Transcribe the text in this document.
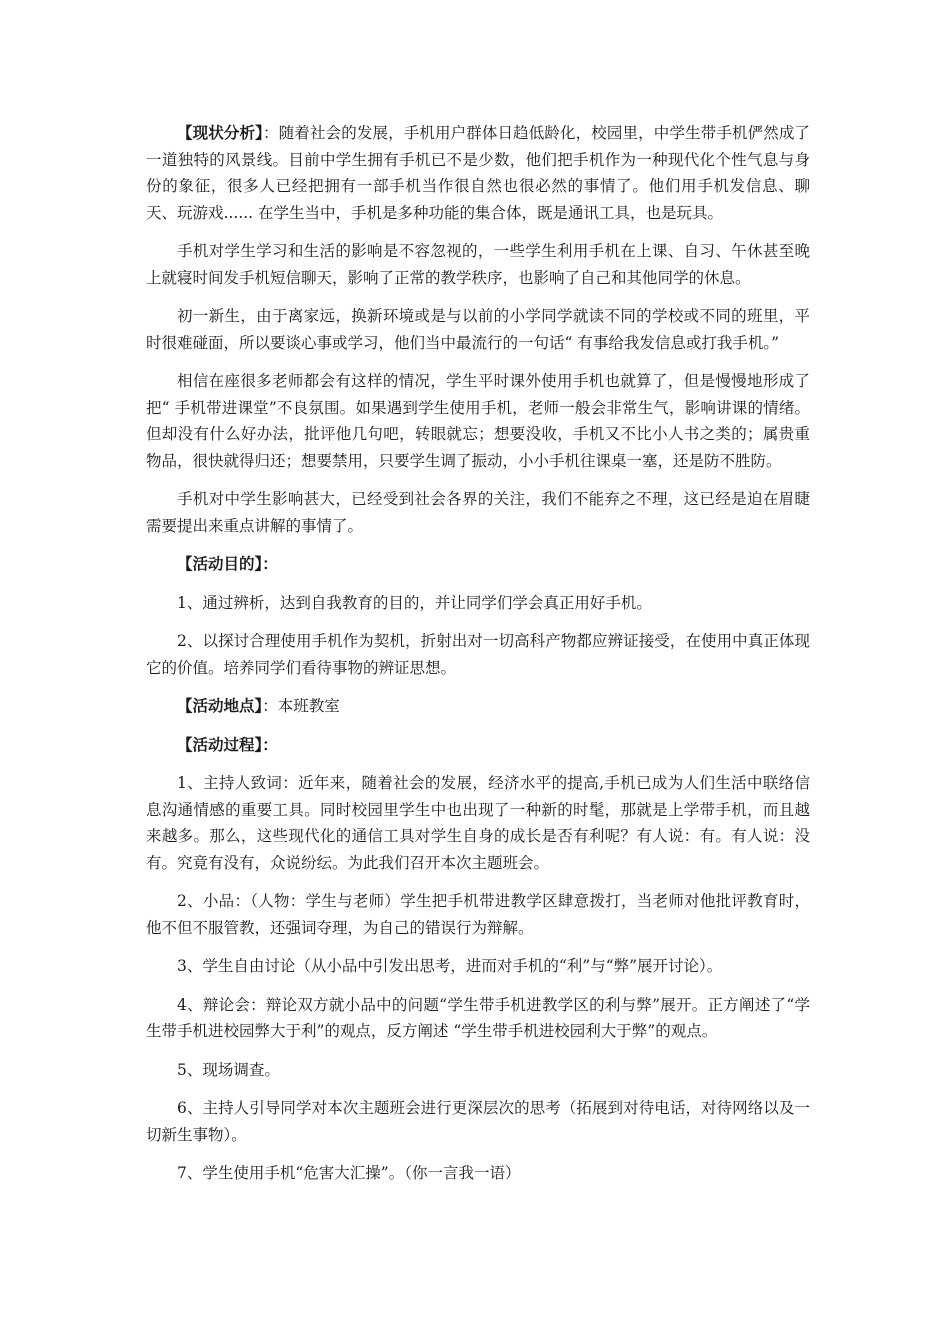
【现状分析】：随着社会的发展，手机用户群体日趋低龄化，校园里，中学生带手机俨然成了一道独特的风景线。目前中学生拥有手机已不是少数，他们把手机作为一种现代化个性气息与身份的象征，很多人已经把拥有一部手机当作很自然也很必然的事情了。他们用手机发信息、聊天、玩游戏...... 在学生当中，手机是多种功能的集合体，既是通讯工具，也是玩具。

手机对学生学习和生活的影响是不容忽视的，一些学生利用手机在上课、自习、午休甚至晚上就寝时间发手机短信聊天，影响了正常的教学秩序，也影响了自己和其他同学的休息。

初一新生，由于离家远，换新环境或是与以前的小学同学就读不同的学校或不同的班里，平时很难碰面，所以要谈心事或学习，他们当中最流行的一句话“ 有事给我发信息或打我手机。”

相信在座很多老师都会有这样的情况，学生平时课外使用手机也就算了，但是慢慢地形成了把“ 手机带进课堂”不良氛围。如果遇到学生使用手机，老师一般会非常生气，影响讲课的情绪。但却没有什么好办法，批评他几句吧，转眼就忘；想要没收，手机又不比小人书之类的；属贵重物品，很快就得归还；想要禁用，只要学生调了振动，小小手机往课桌一塞，还是防不胜防。

手机对中学生影响甚大，已经受到社会各界的关注，我们不能弃之不理，这已经是迫在眉睫需要提出来重点讲解的事情了。

【活动目的】：

1、通过辨析，达到自我教育的目的，并让同学们学会真正用好手机。

2、以探讨合理使用手机作为契机，折射出对一切高科产物都应辨证接受，在使用中真正体现它的价值。培养同学们看待事物的辨证思想。

【活动地点】：本班教室

【活动过程】：

1、主持人致词：近年来，随着社会的发展，经济水平的提高,手机已成为人们生活中联络信息沟通情感的重要工具。同时校园里学生中也出现了一种新的时髦，那就是上学带手机，而且越来越多。那么，这些现代化的通信工具对学生自身的成长是否有利呢？有人说：有。有人说：没有。究竟有没有，众说纷纭。为此我们召开本次主题班会。

2、小品：（人物：学生与老师）学生把手机带进教学区肆意拨打，当老师对他批评教育时，他不但不服管教，还强词夺理，为自己的错误行为辩解。

3、学生自由讨论（从小品中引发出思考，进而对手机的“利”与“弊”展开讨论）。

4、辩论会：辩论双方就小品中的问题“学生带手机进教学区的利与弊”展开。正方阐述了“学生带手机进校园弊大于利”的观点，反方阐述 “学生带手机进校园利大于弊”的观点。

5、现场调查。

6、主持人引导同学对本次主题班会进行更深层次的思考（拓展到对待电话，对待网络以及一切新生事物）。

7、学生使用手机“危害大汇操”。（你一言我一语）
